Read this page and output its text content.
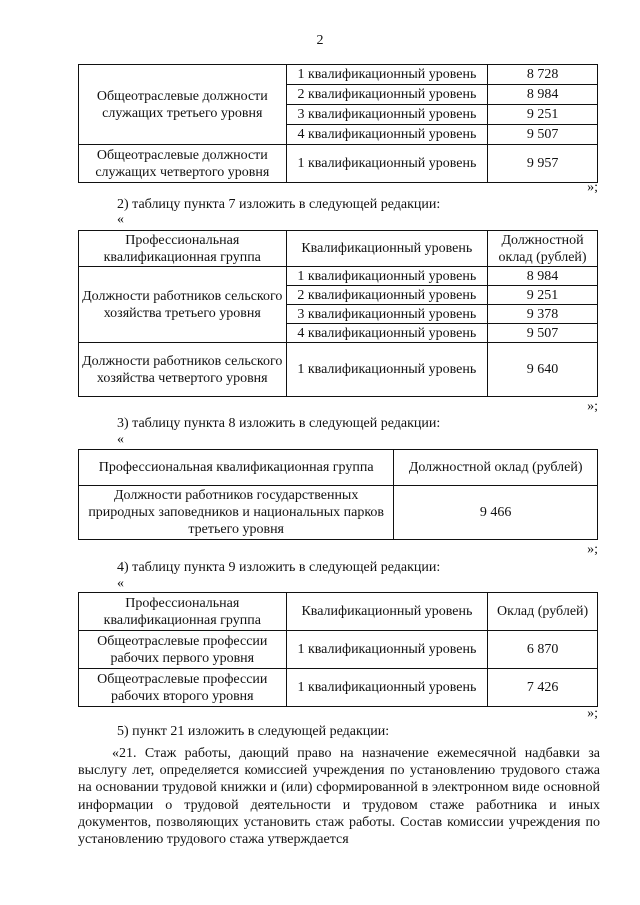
2
Общеотраслевые должности служащих третьего уровня	1 квалификационный уровень	8 728
	2 квалификационный уровень	8 984
	3 квалификационный уровень	9 251
	4 квалификационный уровень	9 507
Общеотраслевые должности служащих четвертого уровня	1 квалификационный уровень	9 957
»;
2) таблицу пункта 7 изложить в следующей редакции:
«
Профессиональная квалификационная группа	Квалификационный уровень	Должностной оклад (рублей)
Должности работников сельского хозяйства третьего уровня	1 квалификационный уровень	8 984
	2 квалификационный уровень	9 251
	3 квалификационный уровень	9 378
	4 квалификационный уровень	9 507
Должности работников сельского хозяйства четвертого уровня	1 квалификационный уровень	9 640
»;
3) таблицу пункта 8 изложить в следующей редакции:
«
Профессиональная квалификационная группа	Должностной оклад (рублей)
Должности работников государственных природных заповедников и национальных парков третьего уровня	9 466
»;
4) таблицу пункта 9 изложить в следующей редакции:
«
Профессиональная квалификационная группа	Квалификационный уровень	Оклад (рублей)
Общеотраслевые профессии рабочих первого уровня	1 квалификационный уровень	6 870
Общеотраслевые профессии рабочих второго уровня	1 квалификационный уровень	7 426
»;
5) пункт 21 изложить в следующей редакции:

«21. Стаж работы, дающий право на назначение ежемесячной надбавки за выслугу лет, определяется комиссией учреждения по установлению трудового стажа на основании трудовой книжки и (или) сформированной в электронном виде основной информации о трудовой деятельности и трудовом стаже работника и иных документов, позволяющих установить стаж работы. Состав комиссии учреждения по установлению трудового стажа утверждается
